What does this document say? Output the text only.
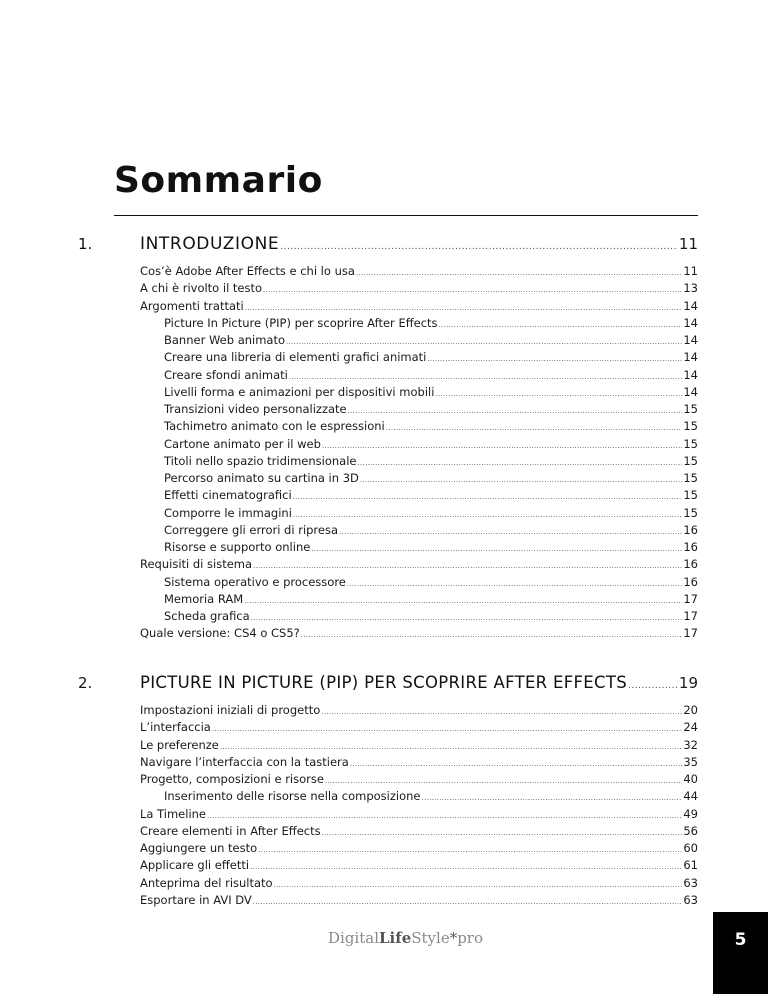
Sommario
1.	INTRODUZIONE .....	11
Cos’è Adobe After Effects e chi lo usa .....	11
A chi è rivolto il testo .....	13
Argomenti trattati .....	14
Picture In Picture (PIP) per scoprire After Effects .....	14
Banner Web animato .....	14
Creare una libreria di elementi grafici animati .....	14
Creare sfondi animati .....	14
Livelli forma e animazioni per dispositivi mobili .....	14
Transizioni video personalizzate .....	15
Tachimetro animato con le espressioni .....	15
Cartone animato per il web .....	15
Titoli nello spazio tridimensionale .....	15
Percorso animato su cartina in 3D .....	15
Effetti cinematografici .....	15
Comporre le immagini .....	15
Correggere gli errori di ripresa .....	16
Risorse e supporto online .....	16
Requisiti di sistema .....	16
Sistema operativo e processore .....	16
Memoria RAM .....	17
Scheda grafica .....	17
Quale versione: CS4 o CS5? .....	17
2.	PICTURE IN PICTURE (PIP) PER SCOPRIRE AFTER EFFECTS .....	19
Impostazioni iniziali di progetto .....	20
L’interfaccia .....	24
Le preferenze .....	32
Navigare l’interfaccia con la tastiera .....	35
Progetto, composizioni e risorse .....	40
Inserimento delle risorse nella composizione .....	44
La Timeline .....	49
Creare elementi in After Effects .....	56
Aggiungere un testo .....	60
Applicare gli effetti .....	61
Anteprima del risultato .....	63
Esportare in AVI DV .....	63
DigitalLifeStyle*pro	5
